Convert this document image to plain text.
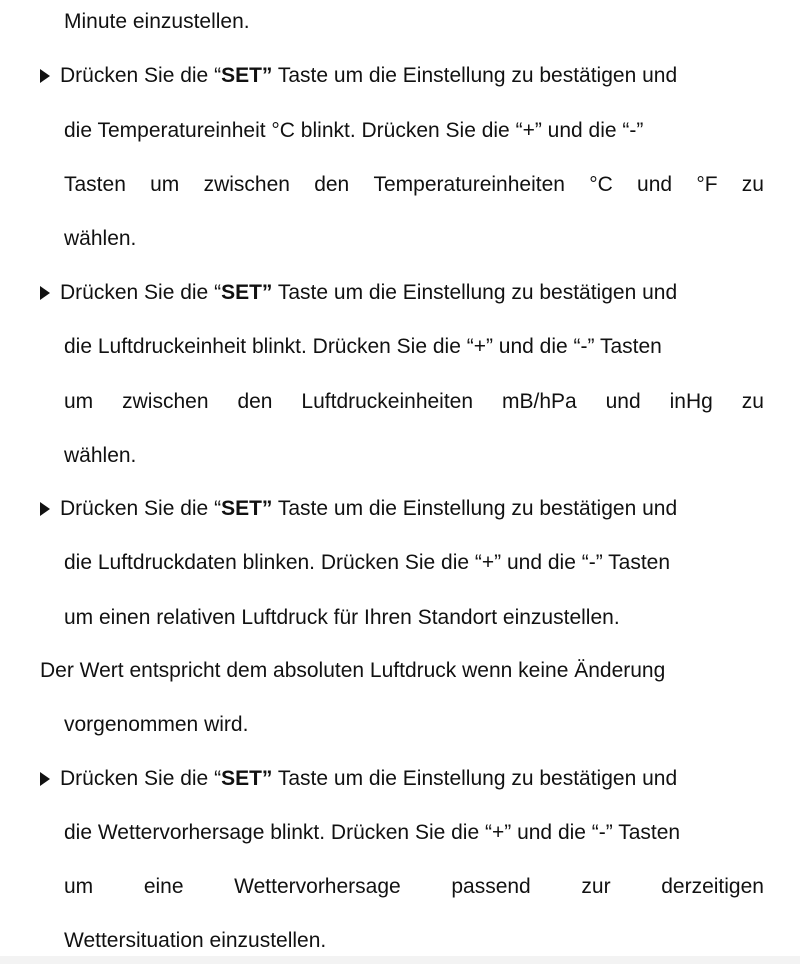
Minute einzustellen.
Drücken Sie die “SET” Taste um die Einstellung zu bestätigen und
die Temperatureinheit °C blinkt. Drücken Sie die “+” und die “-”
Tasten um zwischen den Temperatureinheiten °C und °F zu
wählen.
Drücken Sie die “SET” Taste um die Einstellung zu bestätigen und
die Luftdruckeinheit blinkt. Drücken Sie die “+” und die “-” Tasten
um zwischen den Luftdruckeinheiten mB/hPa und inHg zu
wählen.
Drücken Sie die “SET” Taste um die Einstellung zu bestätigen und
die Luftdruckdaten blinken. Drücken Sie die “+” und die “-” Tasten
um einen relativen Luftdruck für Ihren Standort einzustellen.
Der Wert entspricht dem absoluten Luftdruck wenn keine Änderung
vorgenommen wird.
Drücken Sie die “SET” Taste um die Einstellung zu bestätigen und
die Wettervorhersage blinkt. Drücken Sie die “+” und die “-” Tasten
um eine Wettervorhersage passend zur derzeitigen
Wettersituation einzustellen.
